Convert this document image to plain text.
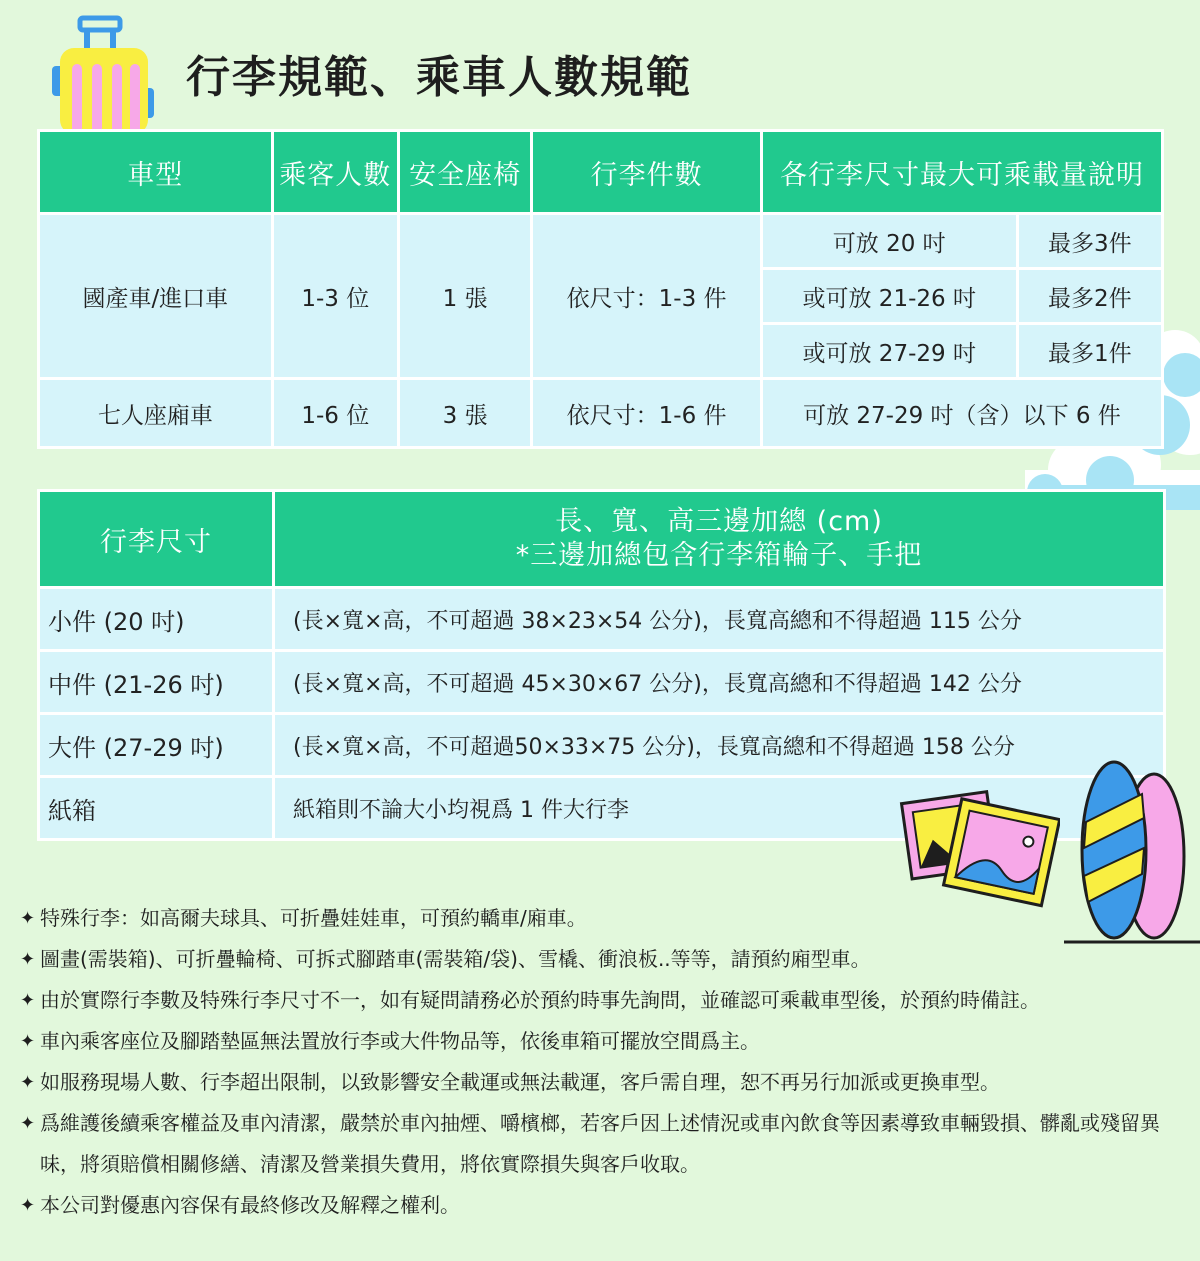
行李規範、乘車人數規範
車型	乘客人數	安全座椅	行李件數	各行李尺寸最大可乘載量說明	
國產車/進口車	1-3 位	1 張	依尺寸：1-3 件	可放 20 吋	最多3件
				或可放 21-26 吋	最多2件
				或可放 27-29 吋	最多1件
七人座廂車	1-6 位	3 張	依尺寸：1-6 件	可放 27-29 吋（含）以下 6 件	
行李尺寸	長、寬、高三邊加總 (cm)
*三邊加總包含行李箱輪子、手把

小件 (20 吋)	(長×寬×高，不可超過 38×23×54 公分)，長寬高總和不得超過 115 公分
中件 (21-26 吋)	(長×寬×高，不可超過 45×30×67 公分)，長寬高總和不得超過 142 公分
大件 (27-29 吋)	(長×寬×高，不可超過50×33×75 公分)，長寬高總和不得超過 158 公分
紙箱	紙箱則不論大小均視爲 1 件大行李
✦ 特殊行李：如高爾夫球具、可折疊娃娃車，可預約轎車/廂車。
✦ 圖畫(需裝箱)、可折疊輪椅、可拆式腳踏車(需裝箱/袋)、雪橇、衝浪板..等等，請預約廂型車。
✦ 由於實際行李數及特殊行李尺寸不一，如有疑問請務必於預約時事先詢問，並確認可乘載車型後，於預約時備註。
✦ 車內乘客座位及腳踏墊區無法置放行李或大件物品等，依後車箱可擺放空間爲主。
✦ 如服務現場人數、行李超出限制，以致影響安全載運或無法載運，客戶需自理，恕不再另行加派或更換車型。
✦ 爲維護後續乘客權益及車內清潔，嚴禁於車內抽煙、嚼檳榔，若客戶因上述情況或車內飲食等因素導致車輛毀損、髒亂或殘留異味，將須賠償相關修繕、清潔及營業損失費用，將依實際損失與客戶收取。
✦ 本公司對優惠內容保有最終修改及解釋之權利。
